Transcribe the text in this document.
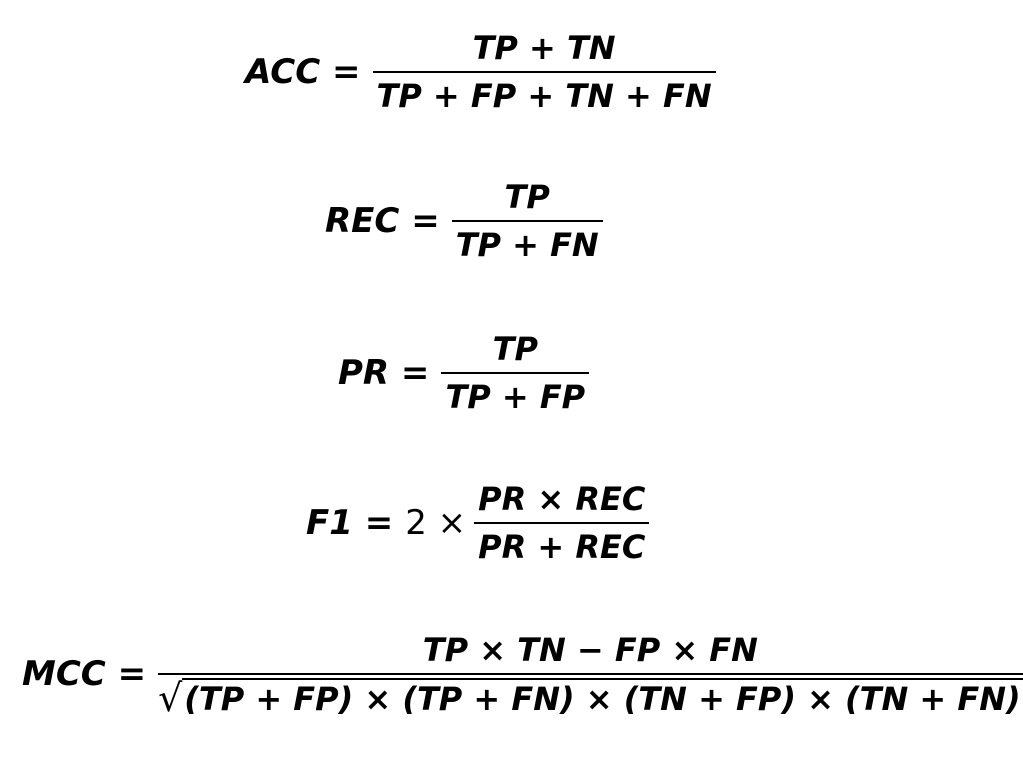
ACC = $\frac{TP + TN}{TP + FP + TN + FN}$
REC = $\frac{TP}{TP + FN}$
PR = $\frac{TP}{TP + FP}$
$F1 = 2 \times \frac{\text{PR × REC}}{\text{PR + REC}}$
MCC = $\frac{TP \times TN - FP \times FN}{√ (TP + FP) \times (TP + FN) \times (TN + FP) \times (TN + FN)}$
